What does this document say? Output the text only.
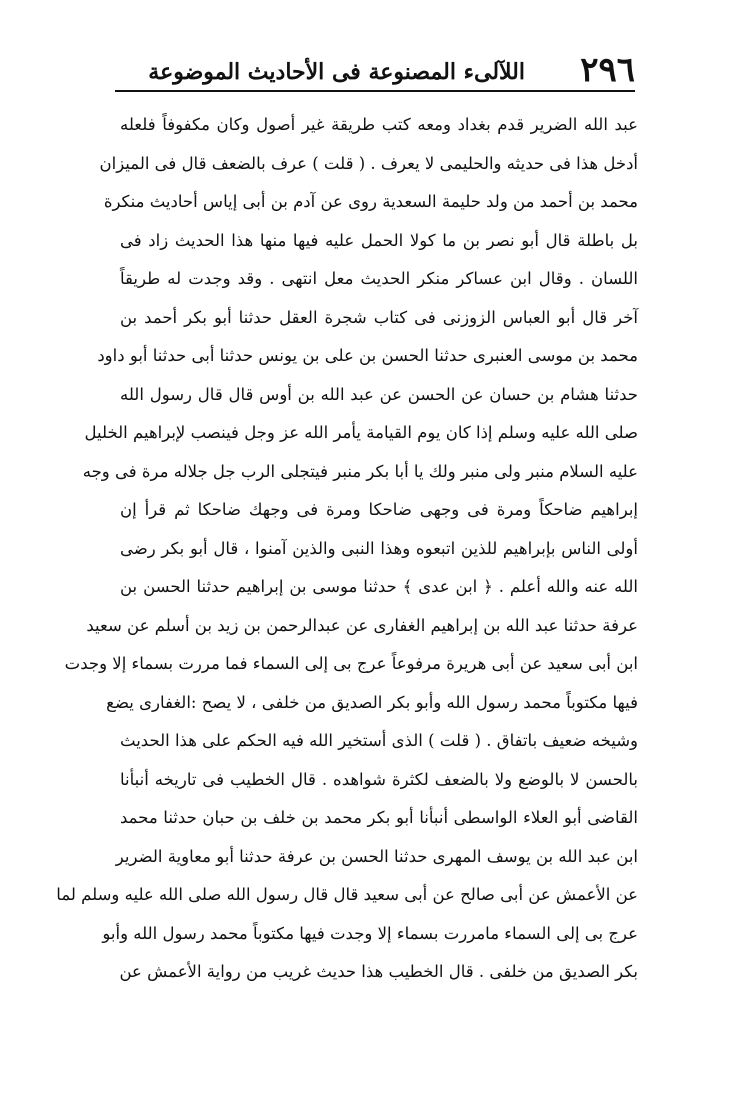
٢٩٦
اللآلىء المصنوعة فى الأحاديث الموضوعة
عبد الله الضرير قدم بغداد ومعه كتب طريقة غير أصول وكان مكفوفاً فلعله
أدخل هذا فى حديثه والحليمى لا يعرف . ( قلت ) عرف بالضعف قال فى الميزان
محمد بن أحمد من ولد حليمة السعدية روى عن آدم بن أبى إياس أحاديث منكرة
بل باطلة قال أبو نصر بن ما كولا الحمل عليه فيها منها هذا الحديث زاد فى
اللسان . وقال ابن عساكر منكر الحديث معل انتهى . وقد وجدت له طريقاً
آخر قال أبو العباس الزوزنى فى كتاب شجرة العقل حدثنا أبو بكر أحمد بن
محمد بن موسى العنبرى حدثنا الحسن بن على بن يونس حدثنا أبى حدثنا أبو داود
حدثنا هشام بن حسان عن الحسن عن عبد الله بن أوس قال قال رسول الله
صلى الله عليه وسلم إذا كان يوم القيامة يأمر الله عز وجل فينصب لإبراهيم الخليل
عليه السلام منبر ولى منبر ولك يا أبا بكر منبر فيتجلى الرب جل جلاله مرة فى وجه
إبراهيم ضاحكاً ومرة فى وجهى ضاحكا ومرة فى وجهك ضاحكا ثم قرأ إن
أولى الناس بإبراهيم للذين اتبعوه وهذا النبى والذين آمنوا ، قال أبو بكر رضى
الله عنه والله أعلم . ﴿ ابن عدى ﴾ حدثنا موسى بن إبراهيم حدثنا الحسن بن
عرفة حدثنا عبد الله بن إبراهيم الغفارى عن عبدالرحمن بن زيد بن أسلم عن سعيد
ابن أبى سعيد عن أبى هريرة مرفوعاً عرج بى إلى السماء فما مررت بسماء إلا وجدت
فيها مكتوباً محمد رسول الله وأبو بكر الصديق من خلفى ، لا يصح :الغفارى يضع
وشيخه ضعيف باتفاق . ( قلت ) الذى أستخير الله فيه الحكم على هذا الحديث
بالحسن لا بالوضع ولا بالضعف لكثرة شواهده . قال الخطيب فى تاريخه أنبأنا
القاضى أبو العلاء الواسطى أنبأنا أبو بكر محمد بن خلف بن حبان حدثنا محمد
ابن عبد الله بن يوسف المهرى حدثنا الحسن بن عرفة حدثنا أبو معاوية الضرير
عن الأعمش عن أبى صالح عن أبى سعيد قال قال رسول الله صلى الله عليه وسلم لما
عرج بى إلى السماء مامررت بسماء إلا وجدت فيها مكتوباً محمد رسول الله وأبو
بكر الصديق من خلفى . قال الخطيب هذا حديث غريب من رواية الأعمش عن
